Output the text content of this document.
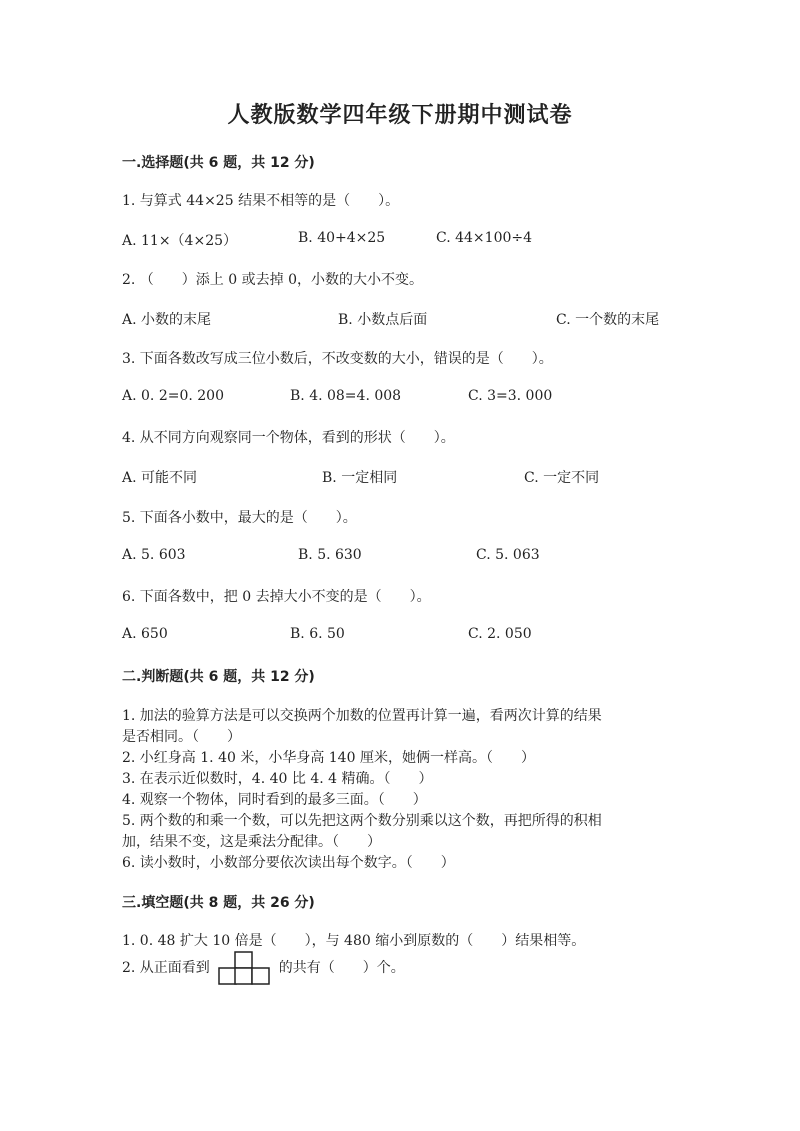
人教版数学四年级下册期中测试卷
一.选择题(共 6 题，共 12 分)
1. 与算式 44×25 结果不相等的是（　　）。
A. 11×（4×25）	B. 40+4×25	C. 44×100÷4
2. （　　）添上 0 或去掉 0，小数的大小不变。
A. 小数的末尾	B. 小数点后面	C. 一个数的末尾
3. 下面各数改写成三位小数后，不改变数的大小，错误的是（　　）。
A. 0. 2=0. 200	B. 4. 08=4. 008	C. 3=3. 000
4. 从不同方向观察同一个物体，看到的形状（　　）。
A. 可能不同	B. 一定相同	C. 一定不同
5. 下面各小数中，最大的是（　　）。
A. 5. 603	B. 5. 630	C. 5. 063
6. 下面各数中，把 0 去掉大小不变的是（　　）。
A. 650	B. 6. 50	C. 2. 050
二.判断题(共 6 题，共 12 分)
1. 加法的验算方法是可以交换两个加数的位置再计算一遍，看两次计算的结果
是否相同。（　　）
2. 小红身高 1. 40 米，小华身高 140 厘米，她俩一样高。（　　）
3. 在表示近似数时，4. 40 比 4. 4 精确。（　　）
4. 观察一个物体，同时看到的最多三面。（　　）
5. 两个数的和乘一个数，可以先把这两个数分别乘以这个数，再把所得的积相
加，结果不变，这是乘法分配律。（　　）
6. 读小数时，小数部分要依次读出每个数字。（　　）
三.填空题(共 8 题，共 26 分)
1. 0. 48 扩大 10 倍是（　　），与 480 缩小到原数的（　　）结果相等。
2. 从正面看到	的共有（　　）个。
